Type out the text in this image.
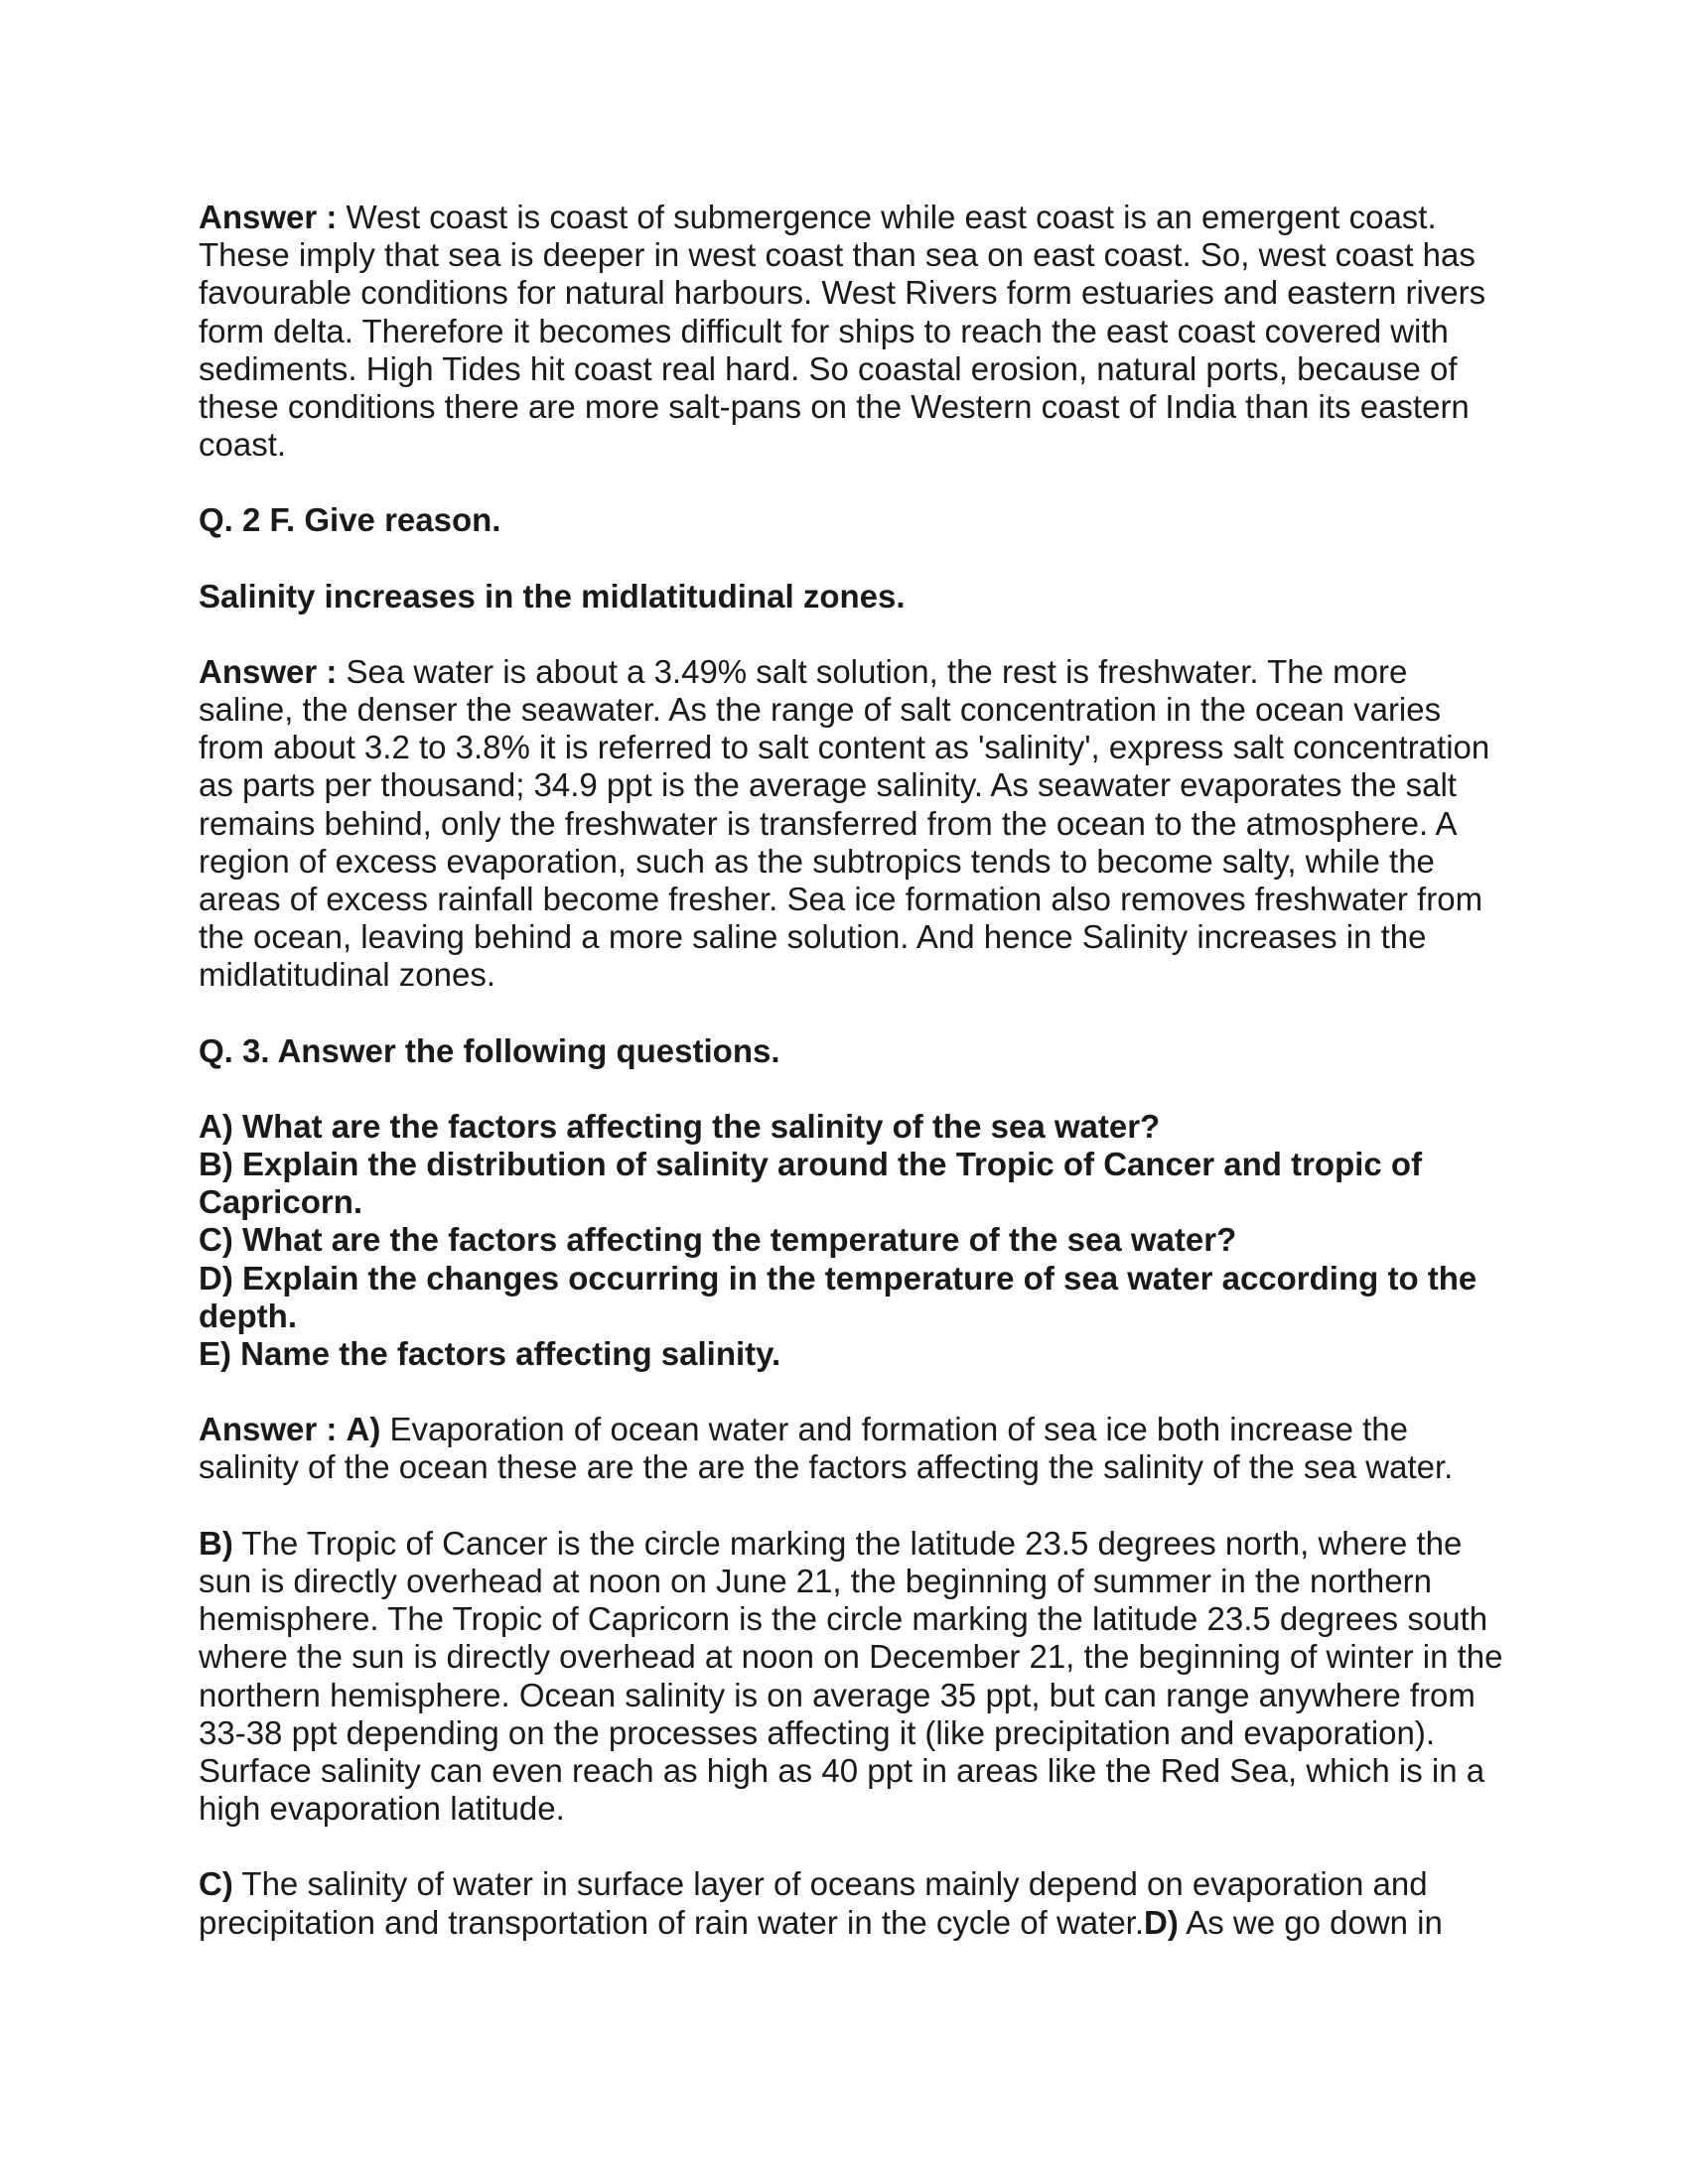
Answer : West coast is coast of submergence while east coast is an emergent coast. These imply that sea is deeper in west coast than sea on east coast. So, west coast has favourable conditions for natural harbours. West Rivers form estuaries and eastern rivers form delta. Therefore it becomes difficult for ships to reach the east coast covered with sediments. High Tides hit coast real hard. So coastal erosion, natural ports, because of these conditions there are more salt-pans on the Western coast of India than its eastern coast.

Q. 2 F. Give reason.

Salinity increases in the midlatitudinal zones.

Answer : Sea water is about a 3.49% salt solution, the rest is freshwater. The more saline, the denser the seawater. As the range of salt concentration in the ocean varies from about 3.2 to 3.8% it is referred to salt content as 'salinity', express salt concentration as parts per thousand; 34.9 ppt is the average salinity. As seawater evaporates the salt remains behind, only the freshwater is transferred from the ocean to the atmosphere. A region of excess evaporation, such as the subtropics tends to become salty, while the areas of excess rainfall become fresher. Sea ice formation also removes freshwater from the ocean, leaving behind a more saline solution. And hence Salinity increases in the midlatitudinal zones.

Q. 3. Answer the following questions.

A) What are the factors affecting the salinity of the sea water?
B) Explain the distribution of salinity around the Tropic of Cancer and tropic of Capricorn.
C) What are the factors affecting the temperature of the sea water?
D) Explain the changes occurring in the temperature of sea water according to the depth.
E) Name the factors affecting salinity.

Answer : A) Evaporation of ocean water and formation of sea ice both increase the salinity of the ocean these are the are the factors affecting the salinity of the sea water.

B) The Tropic of Cancer is the circle marking the latitude 23.5 degrees north, where the sun is directly overhead at noon on June 21, the beginning of summer in the northern hemisphere. The Tropic of Capricorn is the circle marking the latitude 23.5 degrees south where the sun is directly overhead at noon on December 21, the beginning of winter in the northern hemisphere. Ocean salinity is on average 35 ppt, but can range anywhere from 33-38 ppt depending on the processes affecting it (like precipitation and evaporation). Surface salinity can even reach as high as 40 ppt in areas like the Red Sea, which is in a high evaporation latitude.

C) The salinity of water in surface layer of oceans mainly depend on evaporation and precipitation and transportation of rain water in the cycle of water.D) As we go down in
